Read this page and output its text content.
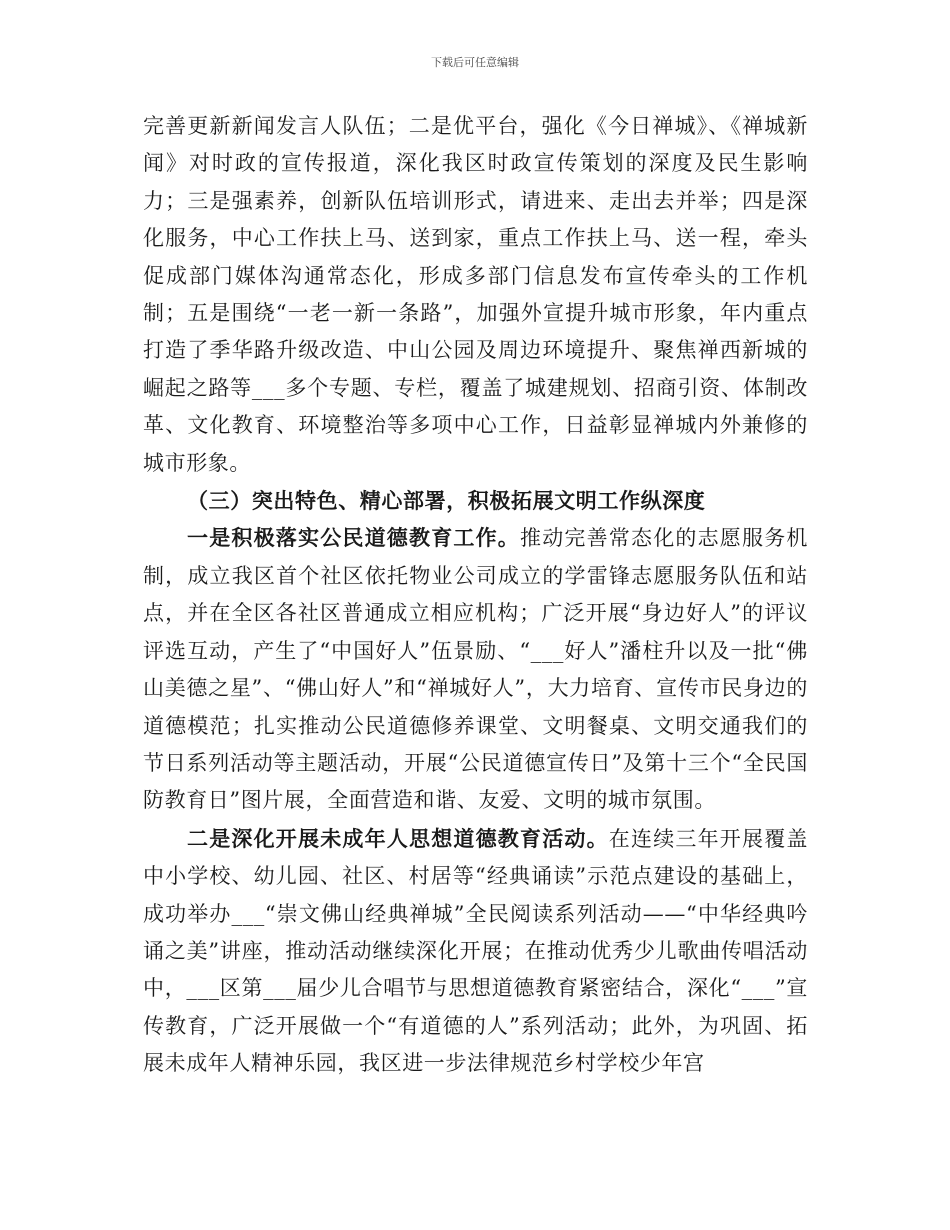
下载后可任意编辑

完善更新新闻发言人队伍；二是优平台，强化《今日禅城》、《禅城新闻》对时政的宣传报道，深化我区时政宣传策划的深度及民生影响力；三是强素养，创新队伍培训形式，请进来、走出去并举；四是深化服务，中心工作扶上马、送到家，重点工作扶上马、送一程，牵头促成部门媒体沟通常态化，形成多部门信息发布宣传牵头的工作机制；五是围绕“一老一新一条路”，加强外宣提升城市形象，年内重点打造了季华路升级改造、中山公园及周边环境提升、聚焦禅西新城的崛起之路等___多个专题、专栏，覆盖了城建规划、招商引资、体制改革、文化教育、环境整治等多项中心工作，日益彰显禅城内外兼修的城市形象。

（三）突出特色、精心部署，积极拓展文明工作纵深度

一是积极落实公民道德教育工作。推动完善常态化的志愿服务机制，成立我区首个社区依托物业公司成立的学雷锋志愿服务队伍和站点，并在全区各社区普通成立相应机构；广泛开展“身边好人”的评议评选互动，产生了“中国好人”伍景励、“___好人”潘柱升以及一批“佛山美德之星”、“佛山好人”和“禅城好人”，大力培育、宣传市民身边的道德模范；扎实推动公民道德修养课堂、文明餐桌、文明交通我们的节日系列活动等主题活动，开展“公民道德宣传日”及第十三个“全民国防教育日”图片展，全面营造和谐、友爱、文明的城市氛围。

二是深化开展未成年人思想道德教育活动。在连续三年开展覆盖中小学校、幼儿园、社区、村居等“经典诵读”示范点建设的基础上，成功举办___“崇文佛山经典禅城”全民阅读系列活动——“中华经典吟诵之美”讲座，推动活动继续深化开展；在推动优秀少儿歌曲传唱活动中，___区第___届少儿合唱节与思想道德教育紧密结合，深化“___”宣传教育，广泛开展做一个“有道德的人”系列活动；此外，为巩固、拓展未成年人精神乐园，我区进一步法律规范乡村学校少年宫
